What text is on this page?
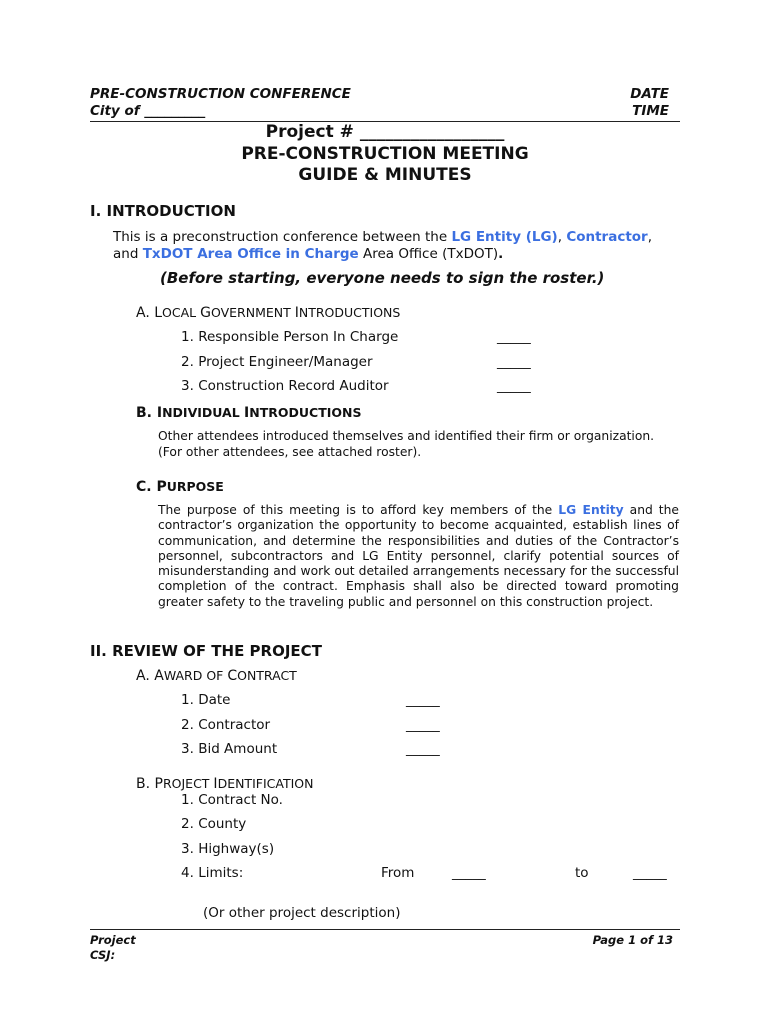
PRE-CONSTRUCTION CONFERENCE
City of _________
DATE
TIME
Project # _________________
PRE-CONSTRUCTION MEETING
GUIDE & MINUTES
I. INTRODUCTION
This is a preconstruction conference between the LG Entity (LG), Contractor,
and TxDOT Area Office in Charge Area Office (TxDOT).
(Before starting, everyone needs to sign the roster.)
A. LOCAL GOVERNMENT INTRODUCTIONS
1. Responsible Person In Charge	_____
2. Project Engineer/Manager	_____
3. Construction Record Auditor	_____
B. INDIVIDUAL INTRODUCTIONS
Other attendees introduced themselves and identified their firm or organization.
(For other attendees, see attached roster).
C. PURPOSE
The purpose of this meeting is to afford key members of the LG Entity and the contractor’s organization the opportunity to become acquainted, establish lines of communication, and determine the responsibilities and duties of the Contractor’s personnel, subcontractors and LG Entity personnel, clarify potential sources of misunderstanding and work out detailed arrangements necessary for the successful completion of the contract. Emphasis shall also be directed toward promoting greater safety to the traveling public and personnel on this construction project.
II. REVIEW OF THE PROJECT
A. AWARD OF CONTRACT
1. Date	_____
2. Contractor	_____
3. Bid Amount	_____
B. PROJECT IDENTIFICATION
1. Contract No.
2. County
3. Highway(s)
4. Limits:	From	_____	to	_____
(Or other project description)
Project
CSJ:
Page 1 of 13
